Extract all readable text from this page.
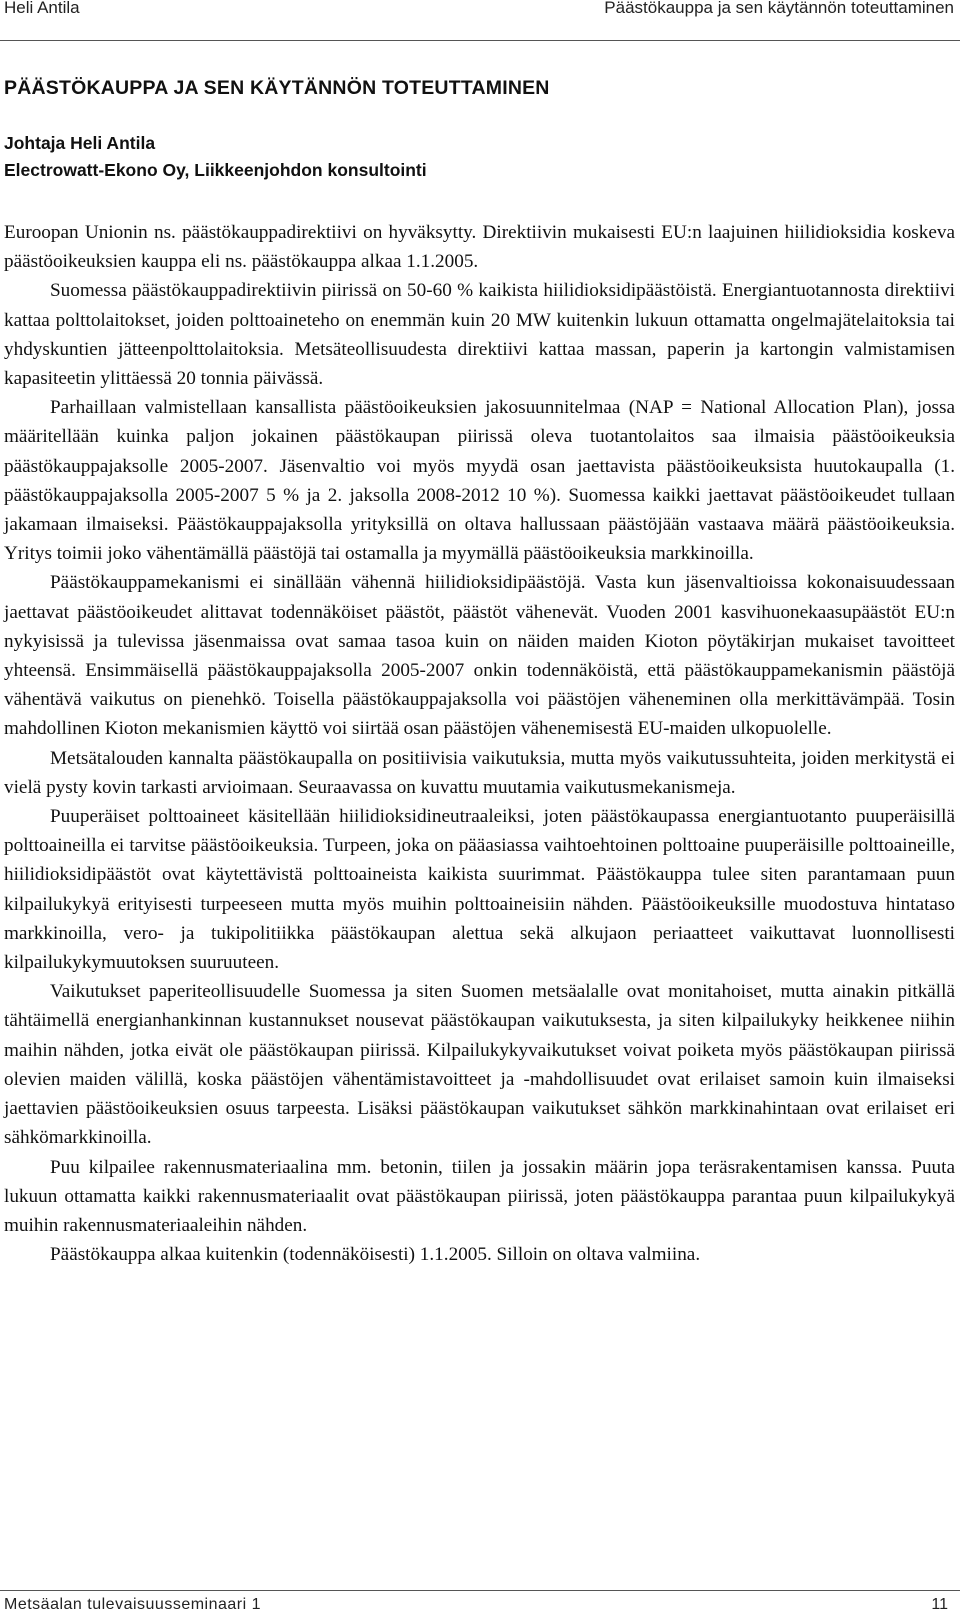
Heli Antila	Päästökauppa ja sen käytännön toteuttaminen
PÄÄSTÖKAUPPA JA SEN KÄYTÄNNÖN TOTEUTTAMINEN

Johtaja Heli Antila

Electrowatt-Ekono Oy, Liikkeenjohdon konsultointi

Euroopan Unionin ns. päästökauppadirektiivi on hyväksytty. Direktiivin mukaisesti EU:n laajuinen hiilidioksidia koskeva päästöoikeuksien kauppa eli ns. päästökauppa alkaa 1.1.2005.

Suomessa päästökauppadirektiivin piirissä on 50-60 % kaikista hiilidioksidipäästöistä. Energiantuotannosta direktiivi kattaa polttolaitokset, joiden polttoaineteho on enemmän kuin 20 MW kuitenkin lukuun ottamatta ongelmajätelaitoksia tai yhdyskuntien jätteenpolttolaitoksia. Metsäteollisuudesta direktiivi kattaa massan, paperin ja kartongin valmistamisen kapasiteetin ylittäessä 20 tonnia päivässä.

Parhaillaan valmistellaan kansallista päästöoikeuksien jakosuunnitelmaa (NAP = National Allocation Plan), jossa määritellään kuinka paljon jokainen päästökaupan piirissä oleva tuotantolaitos saa ilmaisia päästöoikeuksia päästökauppajaksolle 2005-2007. Jäsenvaltio voi myös myydä osan jaettavista päästöoikeuksista huutokaupalla (1. päästökauppajaksolla 2005-2007 5 % ja 2. jaksolla 2008-2012 10 %). Suomessa kaikki jaettavat päästöoikeudet tullaan jakamaan ilmaiseksi. Päästökauppajaksolla yrityksillä on oltava hallussaan päästöjään vastaava määrä päästöoikeuksia. Yritys toimii joko vähentämällä päästöjä tai ostamalla ja myymällä päästöoikeuksia markkinoilla.

Päästökauppamekanismi ei sinällään vähennä hiilidioksidipäästöjä. Vasta kun jäsenvaltioissa kokonaisuudessaan jaettavat päästöoikeudet alittavat todennäköiset päästöt, päästöt vähenevät. Vuoden 2001 kasvihuonekaasupäästöt EU:n nykyisissä ja tulevissa jäsenmaissa ovat samaa tasoa kuin on näiden maiden Kioton pöytäkirjan mukaiset tavoitteet yhteensä. Ensimmäisellä päästökauppajaksolla 2005-2007 onkin todennäköistä, että päästökauppamekanismin päästöjä vähentävä vaikutus on pienehkö. Toisella päästökauppajaksolla voi päästöjen väheneminen olla merkittävämpää. Tosin mahdollinen Kioton mekanismien käyttö voi siirtää osan päästöjen vähenemisestä EU-maiden ulkopuolelle.

Metsätalouden kannalta päästökaupalla on positiivisia vaikutuksia, mutta myös vaikutussuhteita, joiden merkitystä ei vielä pysty kovin tarkasti arvioimaan. Seuraavassa on kuvattu muutamia vaikutusmekanismeja.

Puuperäiset polttoaineet käsitellään hiilidioksidineutraaleiksi, joten päästökaupassa energiantuotanto puuperäisillä polttoaineilla ei tarvitse päästöoikeuksia. Turpeen, joka on pääasiassa vaihtoehtoinen polttoaine puuperäisille polttoaineille, hiilidioksidipäästöt ovat käytettävistä polttoaineista kaikista suurimmat. Päästökauppa tulee siten parantamaan puun kilpailukykyä erityisesti turpeeseen mutta myös muihin polttoaineisiin nähden. Päästöoikeuksille muodostuva hintataso markkinoilla, vero- ja tukipolitiikka päästökaupan alettua sekä alkujaon periaatteet vaikuttavat luonnollisesti kilpailukykymuutoksen suuruuteen.

Vaikutukset paperiteollisuudelle Suomessa ja siten Suomen metsäalalle ovat monitahoiset, mutta ainakin pitkällä tähtäimellä energianhankinnan kustannukset nousevat päästökaupan vaikutuksesta, ja siten kilpailukyky heikkenee niihin maihin nähden, jotka eivät ole päästökaupan piirissä. Kilpailukykyvaikutukset voivat poiketa myös päästökaupan piirissä olevien maiden välillä, koska päästöjen vähentämistavoitteet ja -mahdollisuudet ovat erilaiset samoin kuin ilmaiseksi jaettavien päästöoikeuksien osuus tarpeesta. Lisäksi päästökaupan vaikutukset sähkön markkinahintaan ovat erilaiset eri sähkömarkkinoilla.

Puu kilpailee rakennusmateriaalina mm. betonin, tiilen ja jossakin määrin jopa teräsrakentamisen kanssa. Puuta lukuun ottamatta kaikki rakennusmateriaalit ovat päästökaupan piirissä, joten päästökauppa parantaa puun kilpailukykyä muihin rakennusmateriaaleihin nähden.

Päästökauppa alkaa kuitenkin (todennäköisesti) 1.1.2005. Silloin on oltava valmiina.

Metsäalan tulevaisuusseminaari 1	11
